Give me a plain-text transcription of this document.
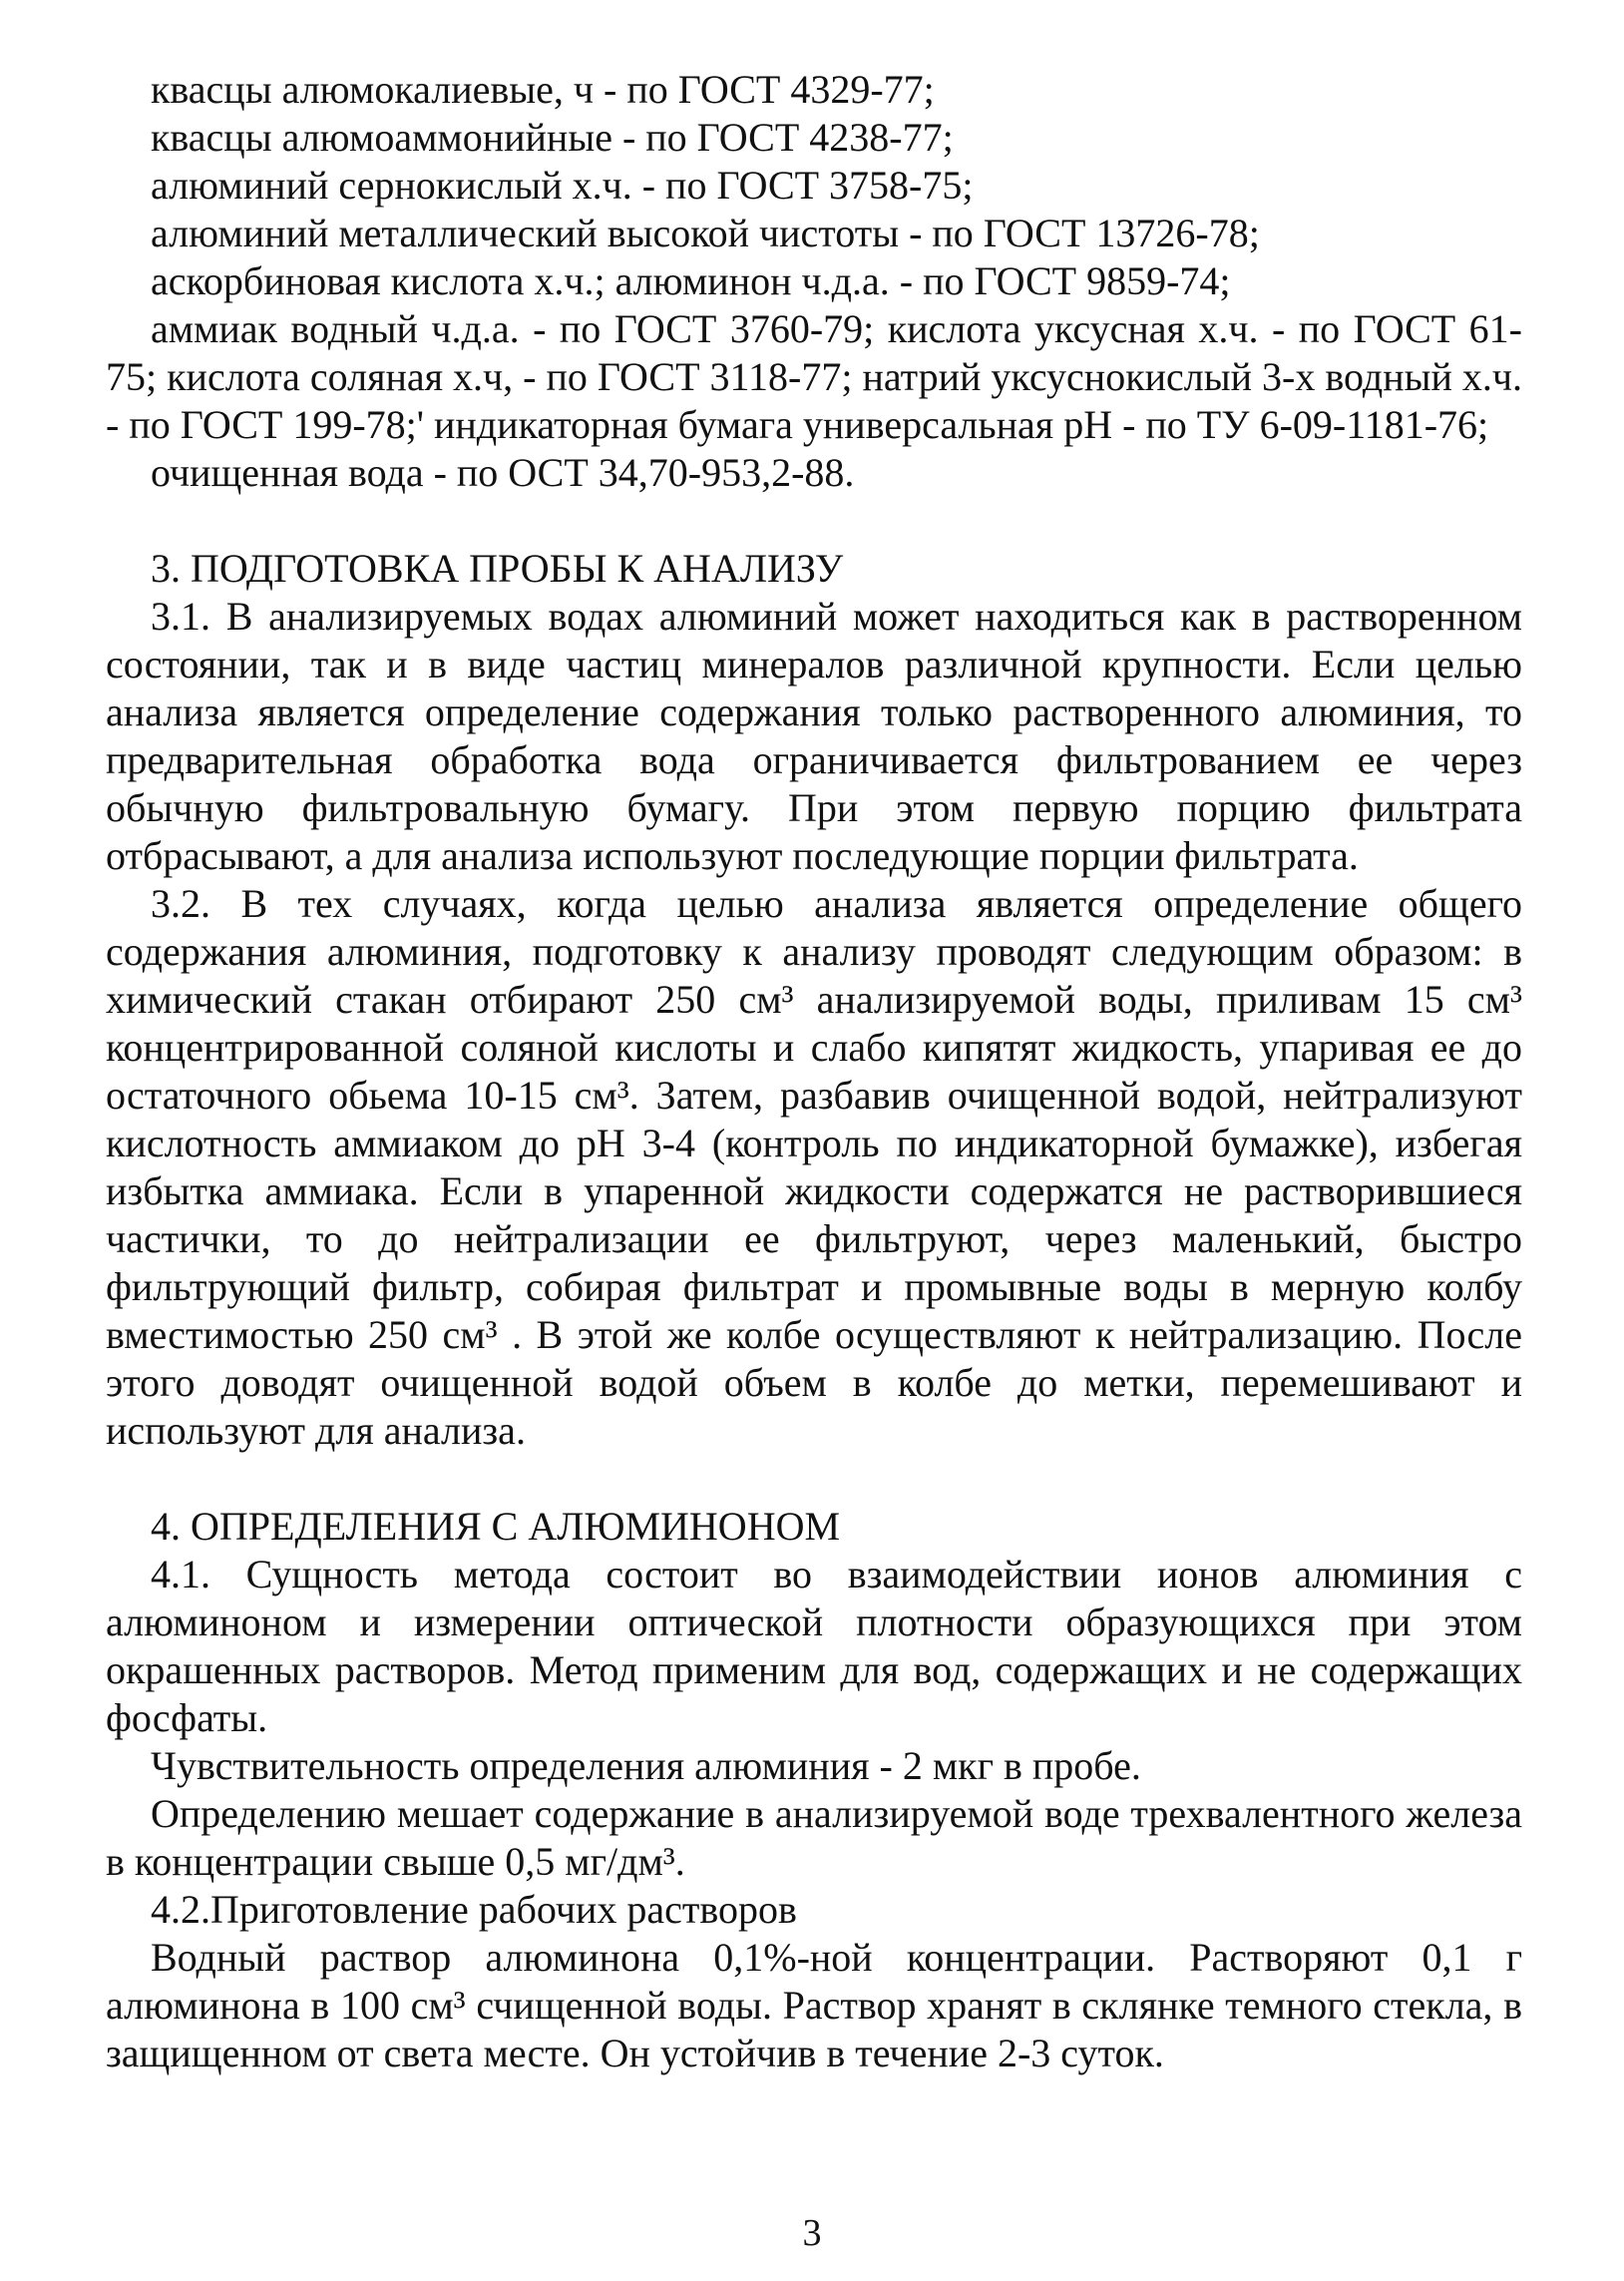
квасцы алюмокалиевые, ч - по ГОСТ 4329-77;

квасцы алюмоаммонийные - по ГОСТ 4238-77;

алюминий сернокислый х.ч. - по ГОСТ 3758-75;

алюминий металлический высокой чистоты - по ГОСТ 13726-78;

аскорбиновая кислота х.ч.; алюминон ч.д.а. - по ГОСТ 9859-74;

аммиак водный ч.д.а. - по ГОСТ 3760-79; кислота уксусная х.ч. - по ГОСТ 61-75; кислота соляная х.ч, - по ГОСТ 3118-77; натрий уксуснокислый 3-х водный х.ч. - по ГОСТ 199-78;' индикаторная бумага универсальная pH - по ТУ 6-09-1181-76;

очищенная вода - по ОСТ 34,70-953,2-88.

3. ПОДГОТОВКА ПРОБЫ К АНАЛИЗУ

3.1. В анализируемых водах алюминий может находиться как в растворенном состоянии, так и в виде частиц минералов различной крупности. Если целью анализа является определение содержания только растворенного алюминия, то предварительная обработка вода ограничивается фильтрованием ее через обычную фильтровальную бумагу. При этом первую порцию фильтрата отбрасывают, а для анализа используют последующие порции фильтрата.

3.2. В тех случаях, когда целью анализа является определение общего содержания алюминия, подготовку к анализу проводят следующим образом: в химический стакан отбирают 250 см³ анализируемой воды, приливам 15 см³ концентрированной соляной кислоты и слабо кипятят жидкость, упаривая ее до остаточного обьема 10-15 см³. Затем, разбавив очищенной водой, нейтрализуют кислотность аммиаком до pH 3-4 (контроль по индикаторной бумажке), избегая избытка аммиака. Если в упаренной жидкости содержатся не растворившиеся частички, то до нейтрализации ее фильтруют, через маленький, быстро фильтрующий фильтр, собирая фильтрат и промывные воды в мерную колбу вместимостью 250 см³ . В этой же колбе осуществляют к нейтрализацию. После этого доводят очищенной водой объем в колбе до метки, перемешивают и используют для анализа.

4. ОПРЕДЕЛЕНИЯ С АЛЮМИНОНОМ

4.1. Сущность метода состоит во взаимодействии ионов алюминия с алюминоном и измерении оптической плотности образующихся при этом окрашенных растворов. Метод применим для вод, содержащих и не содержащих фосфаты.

Чувствительность определения алюминия - 2 мкг в пробе.

Определению мешает содержание в анализируемой воде трехвалентного железа в концентрации свыше 0,5 мг/дм³.

4.2.Приготовление рабочих растворов

Водный раствор алюминона 0,1%-ной концентрации. Растворяют 0,1 г алюминона в 100 см³ счищенной воды. Раствор хранят в склянке темного стекла, в защищенном от света месте. Он устойчив в течение 2-3 суток.

3
